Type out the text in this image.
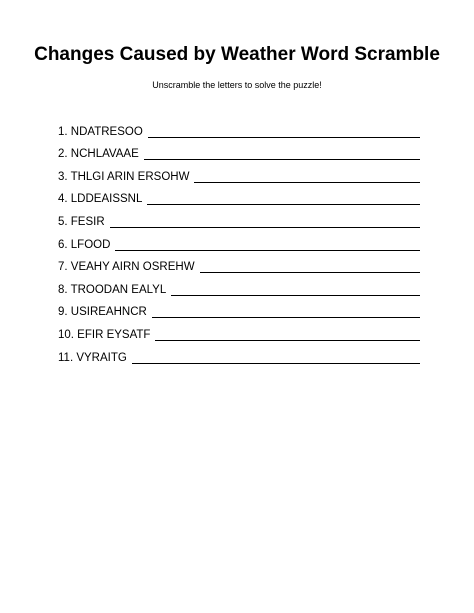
Changes Caused by Weather Word Scramble
Unscramble the letters to solve the puzzle!
1. NDATRESOO
2. NCHLAVAAE
3. THLGI ARIN ERSOHW
4. LDDEAISSNL
5. FESIR
6. LFOOD
7. VEAHY AIRN OSREHW
8. TROODAN EALYL
9. USIREAHNCR
10. EFIR EYSATF
11. VYRAITG
